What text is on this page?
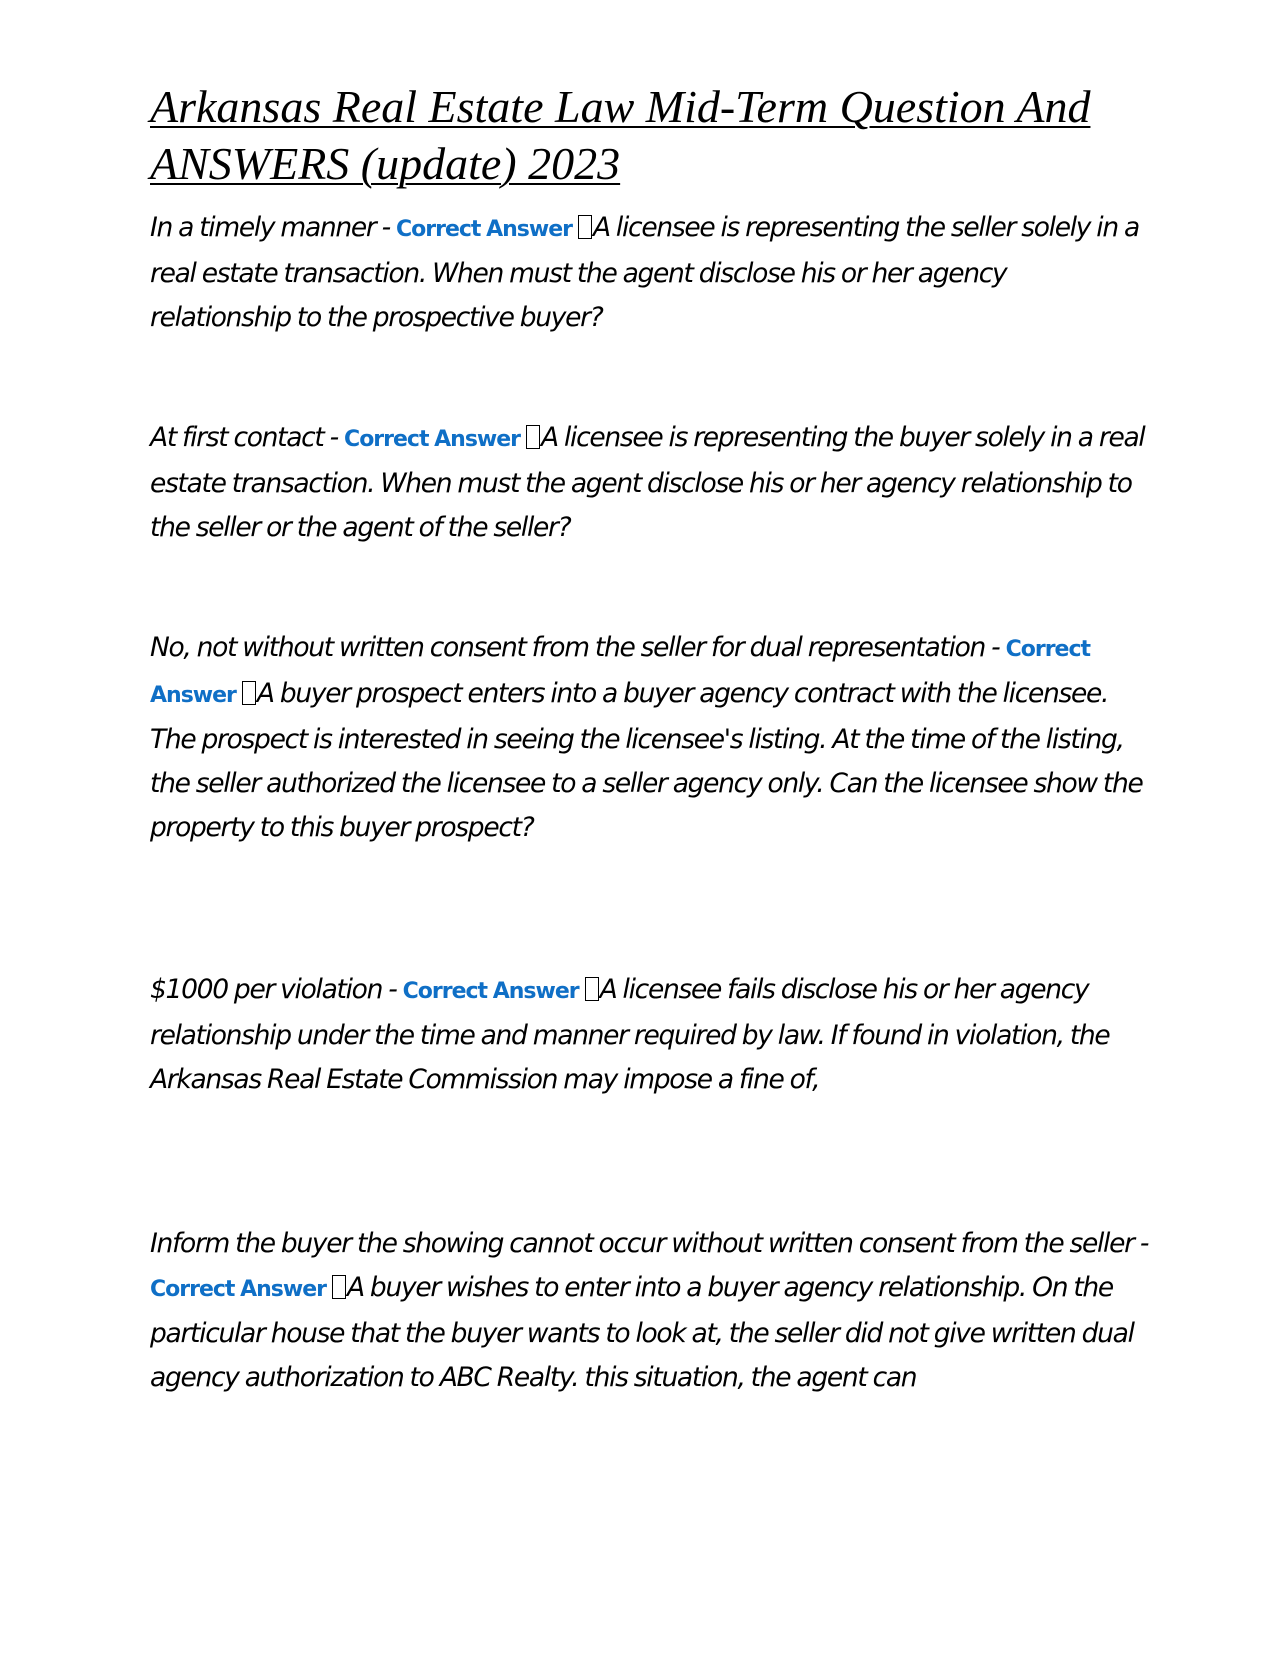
Arkansas Real Estate Law Mid-Term Question And ANSWERS (update) 2023

In a timely manner - Correct Answer A licensee is representing the seller solely in a real estate transaction. When must the agent disclose his or her agency relationship to the prospective buyer?

At first contact - Correct Answer A licensee is representing the buyer solely in a real estate transaction. When must the agent disclose his or her agency relationship to the seller or the agent of the seller?

No, not without written consent from the seller for dual representation - Correct Answer A buyer prospect enters into a buyer agency contract with the licensee. The prospect is interested in seeing the licensee's listing. At the time of the listing, the seller authorized the licensee to a seller agency only. Can the licensee show the property to this buyer prospect?

$1000 per violation - Correct Answer A licensee fails disclose his or her agency relationship under the time and manner required by law. If found in violation, the Arkansas Real Estate Commission may impose a fine of,

Inform the buyer the showing cannot occur without written consent from the seller - Correct Answer A buyer wishes to enter into a buyer agency relationship. On the particular house that the buyer wants to look at, the seller did not give written dual agency authorization to ABC Realty. this situation, the agent can
